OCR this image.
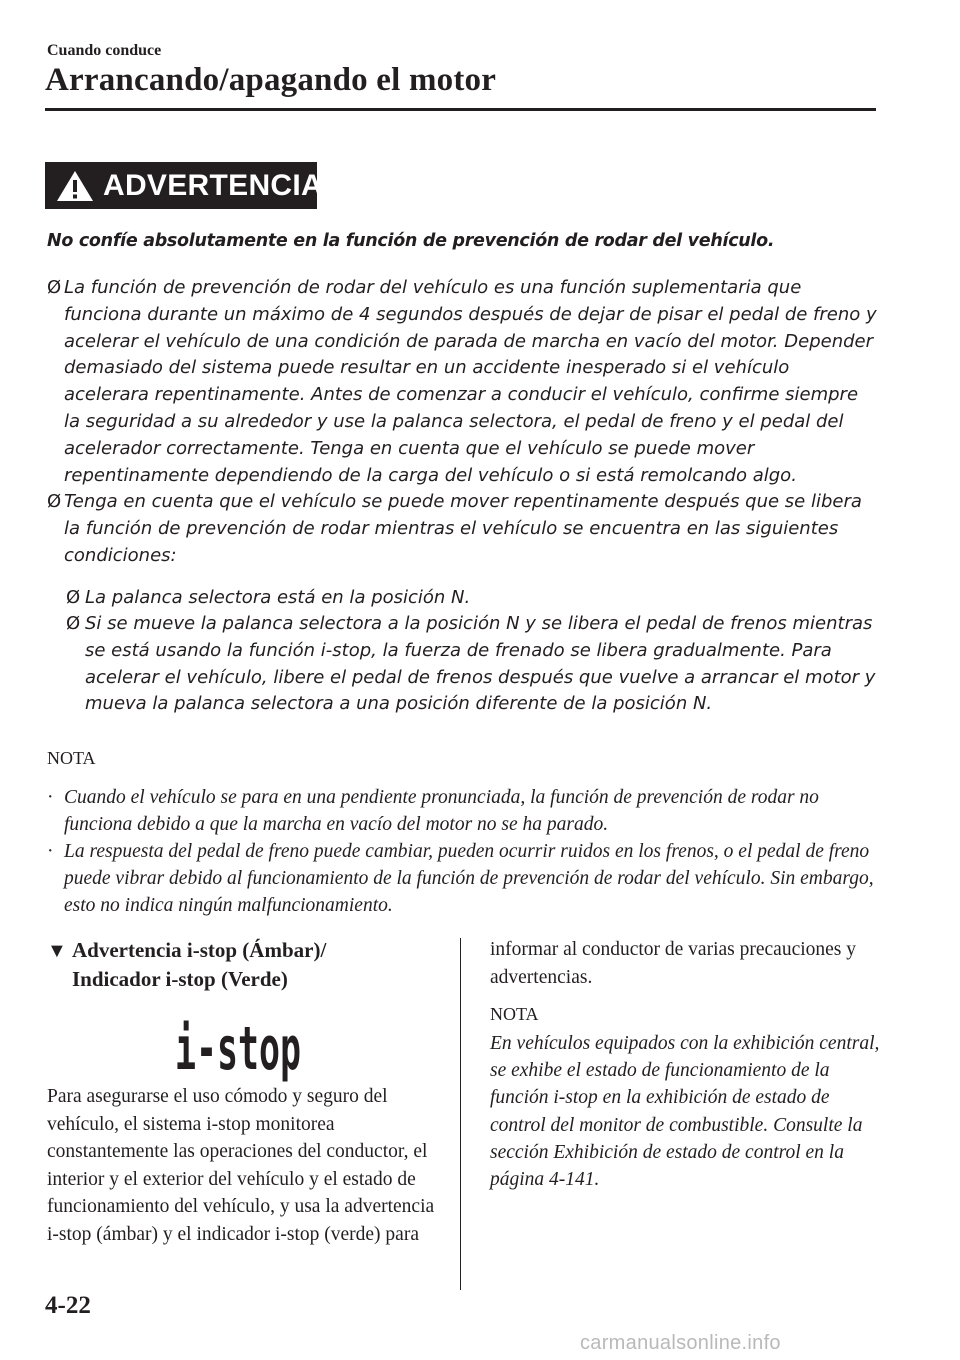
Cuando conduce
Arrancando/apagando el motor
ADVERTENCIA
No confíe absolutamente en la función de prevención de rodar del vehículo.
Ø La función de prevención de rodar del vehículo es una función suplementaria que funciona durante un máximo de 4 segundos después de dejar de pisar el pedal de freno y acelerar el vehículo de una condición de parada de marcha en vacío del motor. Depender demasiado del sistema puede resultar en un accidente inesperado si el vehículo acelerara repentinamente. Antes de comenzar a conducir el vehículo, confirme siempre la seguridad a su alrededor y use la palanca selectora, el pedal de freno y el pedal del acelerador correctamente. Tenga en cuenta que el vehículo se puede mover repentinamente dependiendo de la carga del vehículo o si está remolcando algo.
Ø Tenga en cuenta que el vehículo se puede mover repentinamente después que se libera la función de prevención de rodar mientras el vehículo se encuentra en las siguientes condiciones:
Ø La palanca selectora está en la posición N.
Ø Si se mueve la palanca selectora a la posición N y se libera el pedal de frenos mientras se está usando la función i-stop, la fuerza de frenado se libera gradualmente. Para acelerar el vehículo, libere el pedal de frenos después que vuelve a arrancar el motor y mueva la palanca selectora a una posición diferente de la posición N.
NOTA
· Cuando el vehículo se para en una pendiente pronunciada, la función de prevención de rodar no funciona debido a que la marcha en vacío del motor no se ha parado.
· La respuesta del pedal de freno puede cambiar, pueden ocurrir ruidos en los frenos, o el pedal de freno puede vibrar debido al funcionamiento de la función de prevención de rodar del vehículo. Sin embargo, esto no indica ningún malfuncionamiento.
▼ Advertencia i-stop (Ámbar)/
Indicador i-stop (Verde)
i-stop
Para asegurarse el uso cómodo y seguro del vehículo, el sistema i-stop monitorea constantemente las operaciones del conductor, el interior y el exterior del vehículo y el estado de funcionamiento del vehículo, y usa la advertencia i-stop (ámbar) y el indicador i-stop (verde) para
informar al conductor de varias precauciones y advertencias.
NOTA
En vehículos equipados con la exhibición central, se exhibe el estado de funcionamiento de la función i-stop en la exhibición de estado de control del monitor de combustible. Consulte la sección Exhibición de estado de control en la página 4-141.
4-22
carmanualsonline.info
